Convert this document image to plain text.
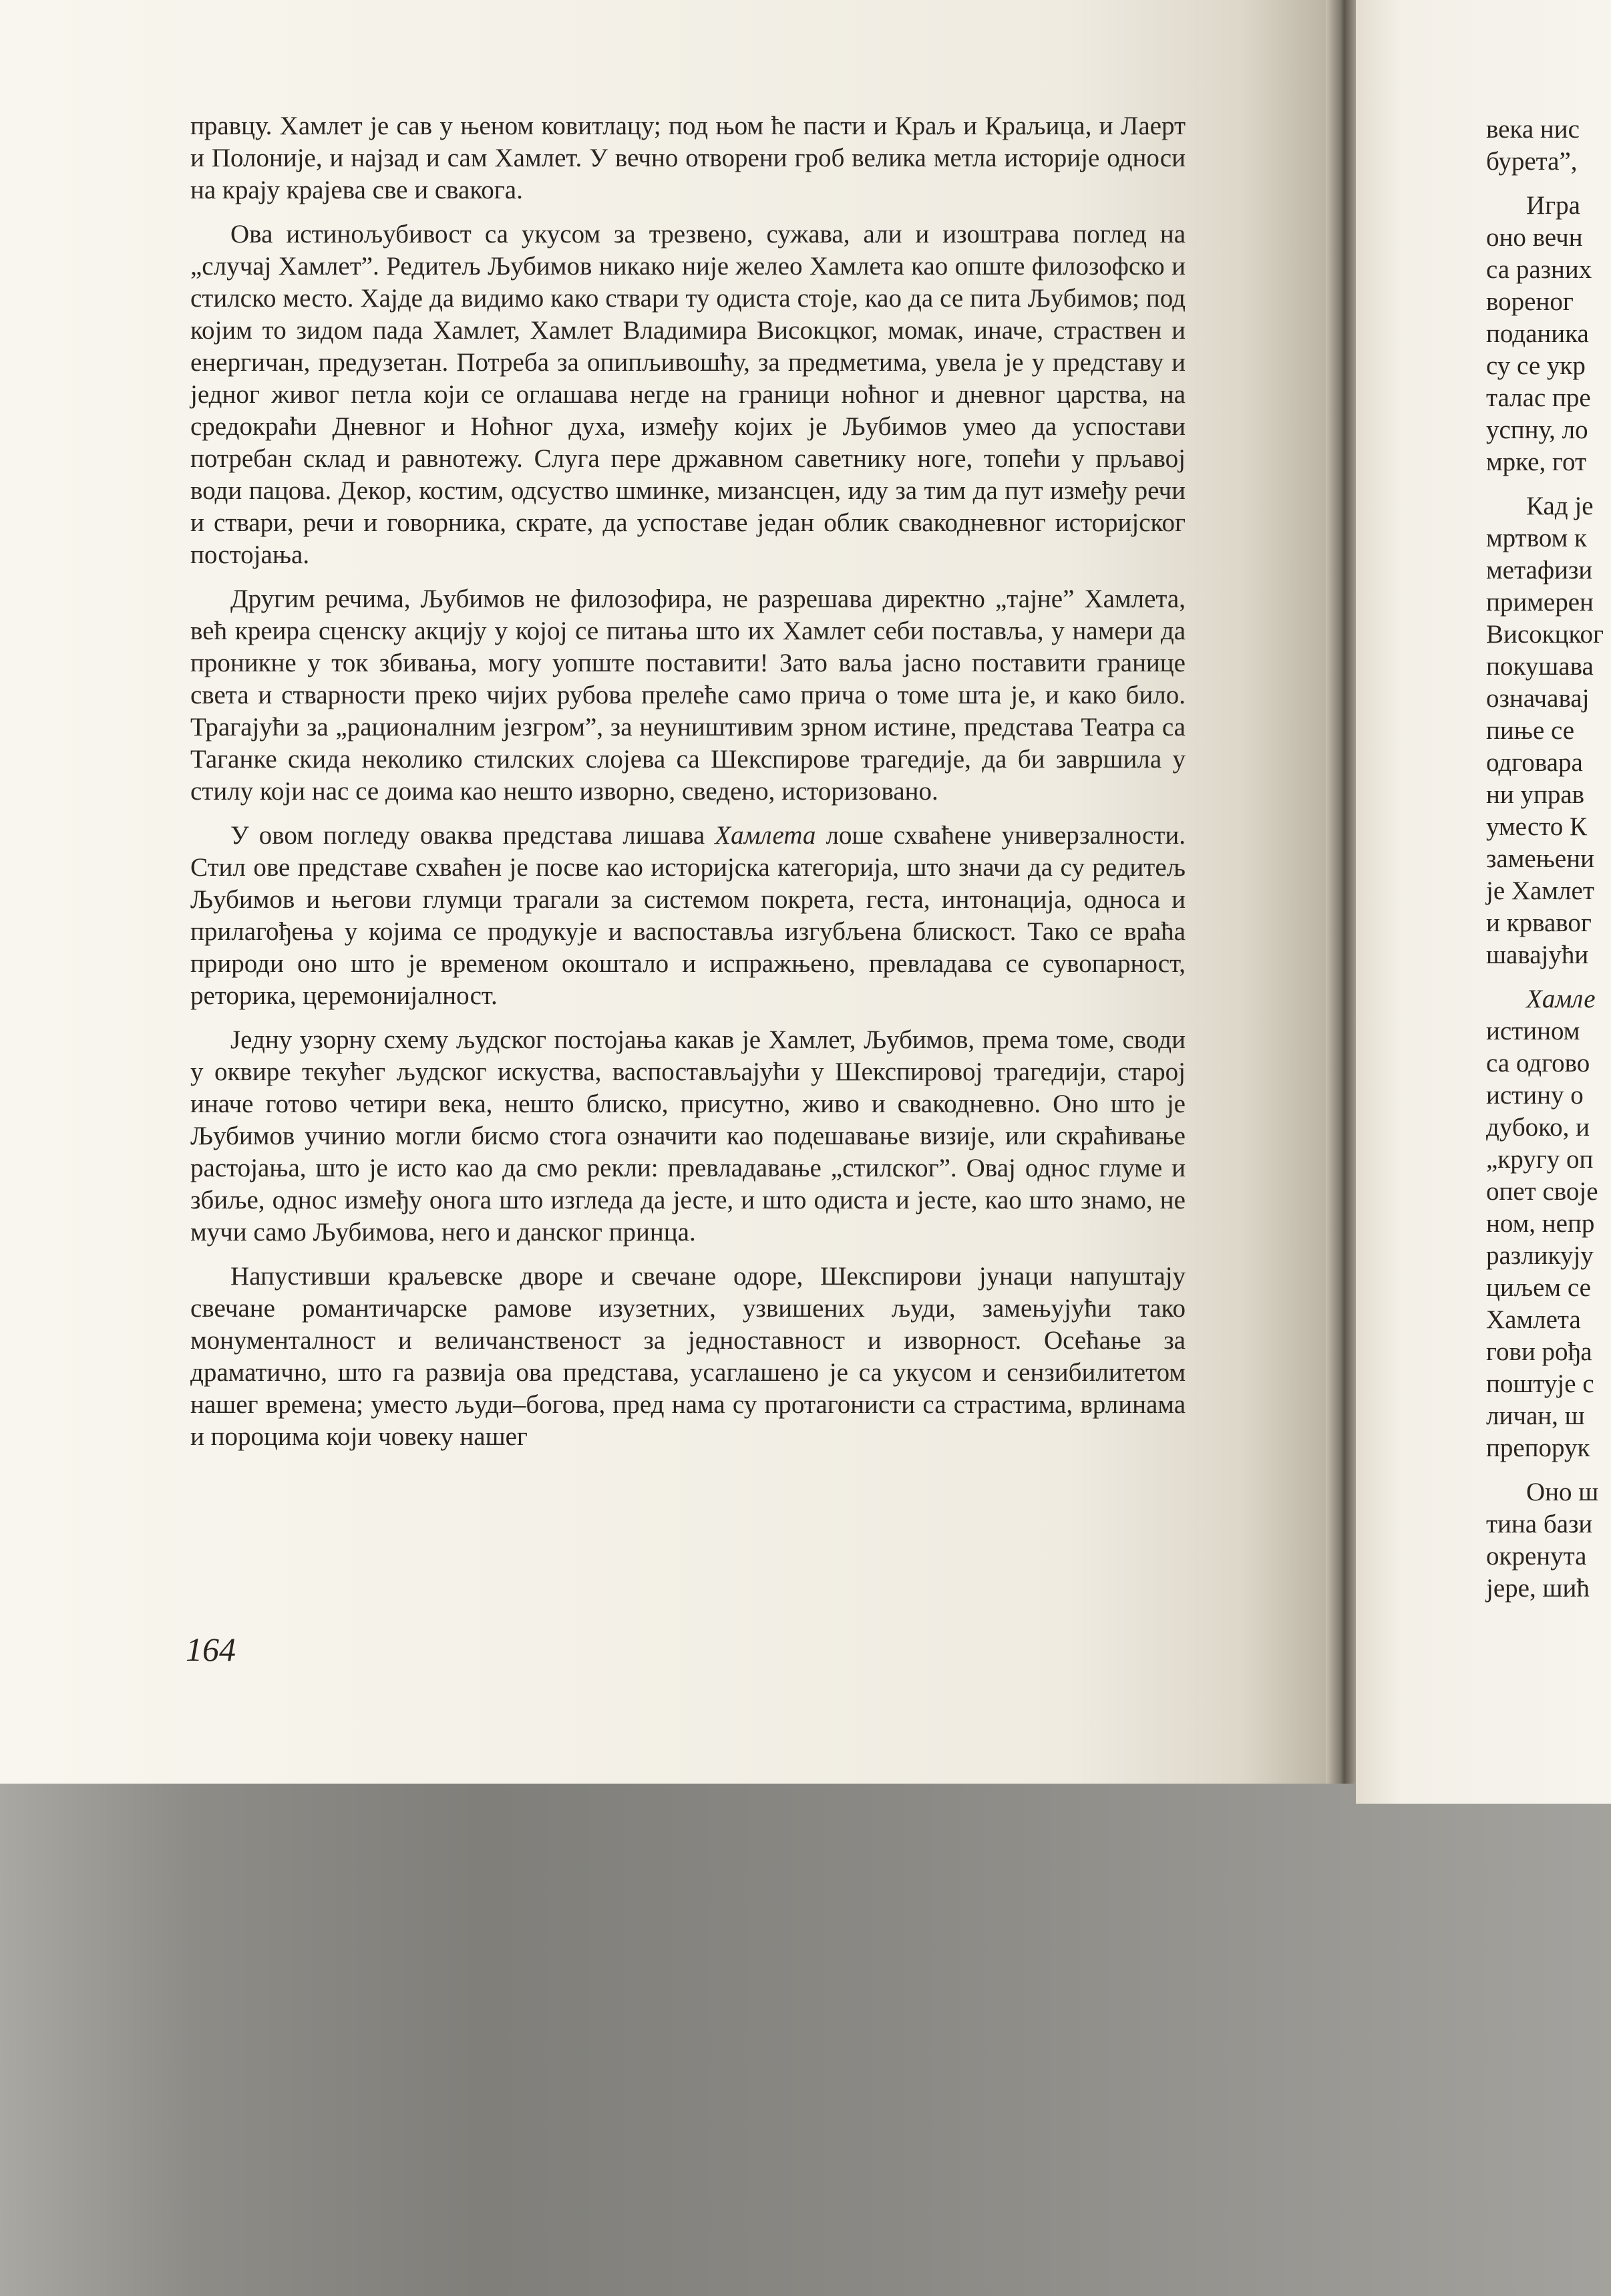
правцу. Хамлет је сав у њеном ковитлацу; под њом ће пасти и Краљ и Краљица, и Лаерт и Полоније, и најзад и сам Хамлет. У вечно отворени гроб велика метла историје односи на крају крајева све и свакога.

Ова истинољубивост са укусом за трезвено, сужава, али и изоштрава поглед на „случај Хамлет”. Редитељ Љубимов никако није желео Хамлета као опште филозофско и стилско место. Хајде да видимо како ствари ту одиста стоје, као да се пита Љубимов; под којим то зидом пада Хамлет, Хамлет Владимира Високцког, момак, иначе, страствен и енергичан, предузетан. Потреба за опипљивошћу, за предметима, увела је у представу и једног живог петла који се оглашава негде на граници ноћног и дневног царства, на средокраћи Дневног и Ноћног духа, између којих је Љубимов умео да успостави потребан склад и равнотежу. Слуга пере државном саветнику ноге, топећи у прљавој води пацова. Декор, костим, одсуство шминке, мизансцен, иду за тим да пут између речи и ствари, речи и говорника, скрате, да успоставе један облик свакодневног историјског постојања.

Другим речима, Љубимов не филозофира, не разрешава директно „тајне” Хамлета, већ креира сценску акцију у којој се питања што их Хамлет себи поставља, у намери да проникне у ток збивања, могу уопште поставити! Зато ваља јасно поставити границе света и стварности преко чијих рубова прелеће само прича о томе шта је, и како било. Трагајући за „рационалним језгром”, за неуништивим зрном истине, представа Театра са Таганке скида неколико стилских слојева са Шекспирове трагедије, да би завршила у стилу који нас се доима као нешто изворно, сведено, историзовано.

У овом погледу оваква представа лишава Хамлета лоше схваћене универзалности. Стил ове представе схваћен је посве као историјска категорија, што значи да су редитељ Љубимов и његови глумци трагали за системом покрета, геста, интонација, односа и прилагођења у којима се продукује и васпоставља изгубљена блискост. Тако се враћа природи оно што је временом окоштало и испражњено, превладава се сувопарност, реторика, церемонијалност.

Једну узорну схему људског постојања какав је Хамлет, Љубимов, према томе, своди у оквире текућег људског искуства, васпостављајући у Шекспировој трагедији, старој иначе готово четири века, нешто блиско, присутно, живо и свакодневно. Оно што је Љубимов учинио могли бисмо стога означити као подешавање визије, или скраћивање растојања, што је исто као да смо рекли: превладавање „стилског”. Овај однос глуме и збиље, однос између онога што изгледа да јесте, и што одиста и јесте, као што знамо, не мучи само Љубимова, него и данског принца.

Напустивши краљевске дворе и свечане одоре, Шекспирови јунаци напуштају свечане романтичарске рамове изузетних, узвишених људи, замењујући тако монументалност и величанственост за једноставност и изворност. Осећање за драматично, што га развија ова представа, усаглашено је са укусом и сензибилитетом нашег времена; уместо људи–богова, пред нама су протагонисти са страстима, врлинама и пороцима који човеку нашег

164
века нис
бурета”,
Игра
оно вечн
са разних
вореног
поданика
су се укр
талас пре
успну, ло
мрке, гот
Кад је
мртвом к
метафизи
примерен
Високцког
покушава
означавај
пиње се
одговара
ни управ
уместо К
замењени
је Хамлет
и крвавог
шавајући
Хамле
истином
са одгово
истину о
дубоко, и
„кругу оп
опет своје
ном, непр
разликују
циљем се
Хамлета
гови рођа
поштује с
личан, ш
препорук
Оно ш
тина бази
окренута
јере, шић
